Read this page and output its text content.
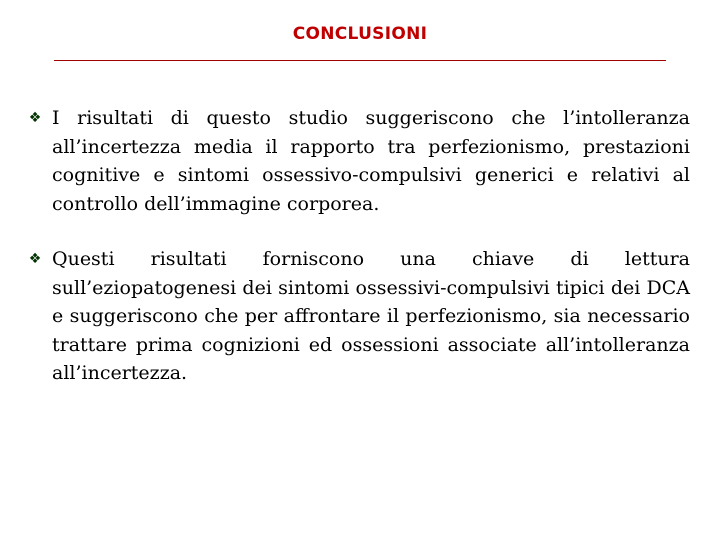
CONCLUSIONI
❖ I risultati di questo studio suggeriscono che l’intolleranza all’incertezza media il rapporto tra perfezionismo, prestazioni cognitive e sintomi ossessivo-compulsivi generici e relativi al controllo dell’immagine corporea.
❖ Questi risultati forniscono una chiave di lettura sull’eziopatogenesi dei sintomi ossessivi-compulsivi tipici dei DCA e suggeriscono che per affrontare il perfezionismo, sia necessario trattare prima cognizioni ed ossessioni associate all’intolleranza all’incertezza.
